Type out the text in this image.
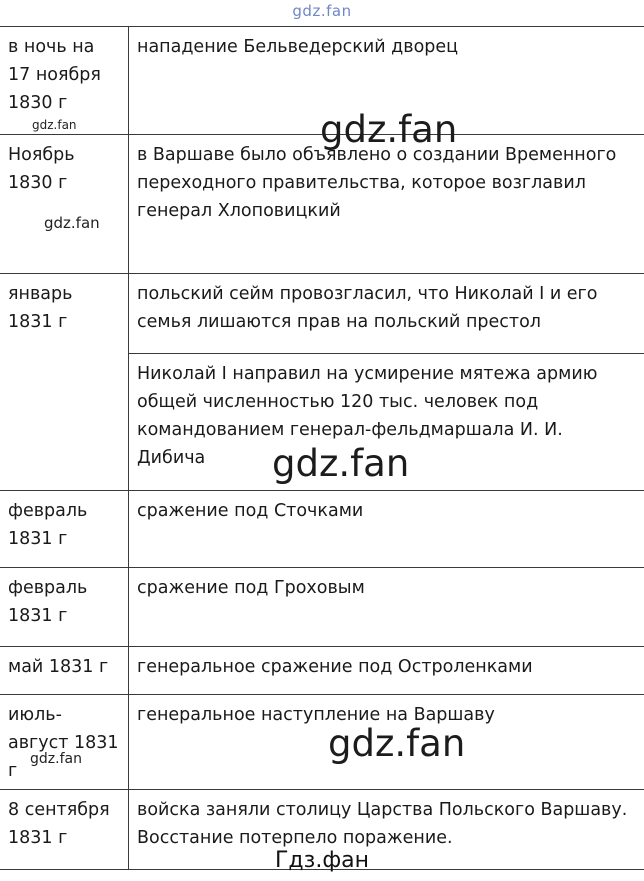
gdz.fan
в ночь на 17 ноября 1830 г	нападение Бельведерский дворец
Ноябрь 1830 г	в Варшаве было объявлено о создании Временного переходного правительства, которое возглавил генерал Хлоповицкий
январь 1831 г	польский сейм провозгласил, что Николай I и его семья лишаются прав на польский престол
	Николай I направил на усмирение мятежа армию общей численностью 120 тыс. человек под командованием генерал-фельдмаршала И. И. Дибича
февраль 1831 г	сражение под Сточками
февраль 1831 г	сражение под Гроховым
май 1831 г	генеральное сражение под Остроленками
июль-август 1831 г	генеральное наступление на Варшаву
8 сентября 1831 г	войска заняли столицу Царства Польского Варшаву. Восстание потерпело поражение.
gdz.fan
gdz.fan
gdz.fan
gdz.fan
gdz.fan
gdz.fan
Гдз.фан
